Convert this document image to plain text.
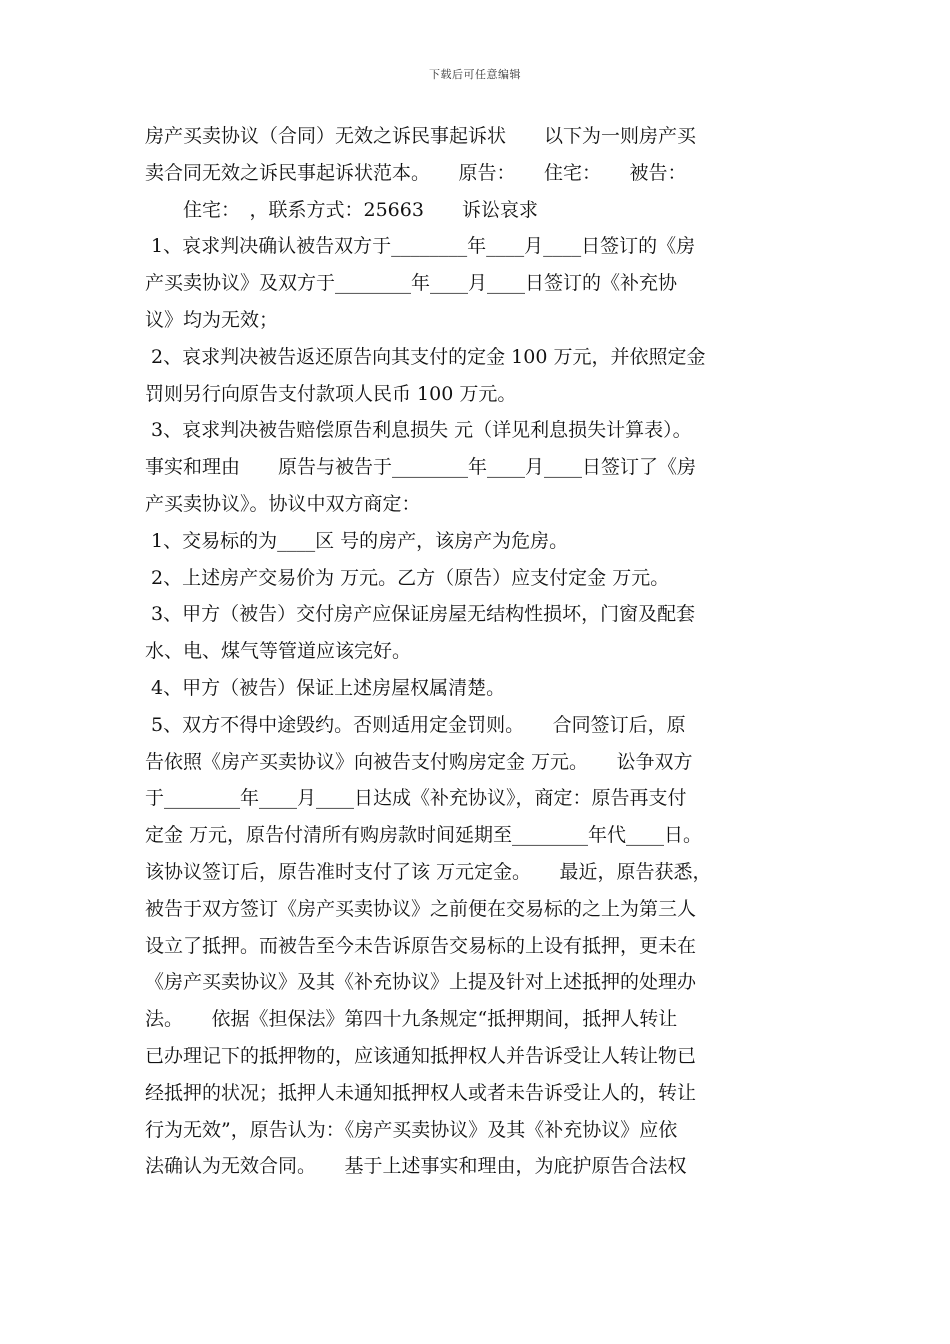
下载后可任意编辑
房产买卖协议（合同）无效之诉民事起诉状　　以下为一则房产买
卖合同无效之诉民事起诉状范本。　　原告：　　住宅：　　被告：
　　住宅：　，联系方式：25663　　诉讼哀求
1、哀求判决确认被告双方于________年____月____日签订的《房
产买卖协议》及双方于________年____月____日签订的《补充协
议》均为无效；
2、哀求判决被告返还原告向其支付的定金 100 万元，并依照定金
罚则另行向原告支付款项人民币 100 万元。
3、哀求判决被告赔偿原告利息损失 元（详见利息损失计算表）。
事实和理由　　原告与被告于________年____月____日签订了《房
产买卖协议》。协议中双方商定：
1、交易标的为____区 号的房产，该房产为危房。
2、上述房产交易价为 万元。乙方（原告）应支付定金 万元。
3、甲方（被告）交付房产应保证房屋无结构性损坏，门窗及配套
水、电、煤气等管道应该完好。
4、甲方（被告）保证上述房屋权属清楚。
5、双方不得中途毁约。否则适用定金罚则。　　合同签订后，原
告依照《房产买卖协议》向被告支付购房定金 万元。　　讼争双方
于________年____月____日达成《补充协议》，商定：原告再支付
定金 万元，原告付清所有购房款时间延期至________年代____日。
该协议签订后，原告准时支付了该 万元定金。　　最近，原告获悉，
被告于双方签订《房产买卖协议》之前便在交易标的之上为第三人
设立了抵押。而被告至今未告诉原告交易标的上设有抵押，更未在
《房产买卖协议》及其《补充协议》上提及针对上述抵押的处理办
法。　　依据《担保法》第四十九条规定“抵押期间，抵押人转让
已办理记下的抵押物的，应该通知抵押权人并告诉受让人转让物已
经抵押的状况；抵押人未通知抵押权人或者未告诉受让人的，转让
行为无效”，原告认为：《房产买卖协议》及其《补充协议》应依
法确认为无效合同。　　基于上述事实和理由，为庇护原告合法权
